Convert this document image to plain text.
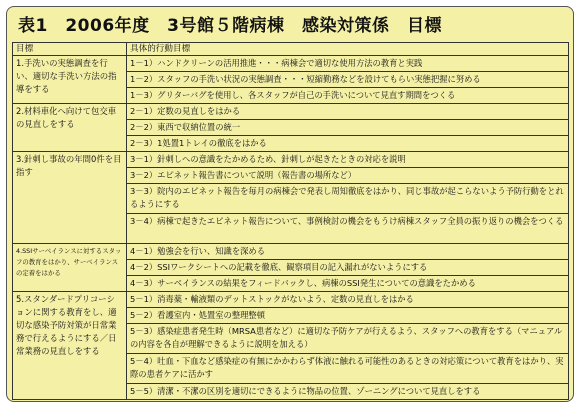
表1　2006年度　3号館５階病棟　感染対策係　目標
目標	具体的行動目標
1.手洗いの実態調査を行い、適切な手洗い方法の指導をする	1－1）ハンドクリーンの活用推進・・・病棟会で適切な使用方法の教育と実践
	1－2）スタッフの手洗い状況の実態調査・・・短縮勤務などを設けてもらい実態把握に努める
	1－3）グリターバグを使用し、各スタッフが自己の手洗いについて見直す期間をつくる
2.材料車化へ向けて包交車の見直しをする	2－1）定数の見直しをはかる
	2－2）東西で収納位置の統一
	2－3）1処置1トレイの徹底をはかる
3.針刺し事故の年間0件を目指す	3－1）針刺しへの意識をたかめるため、針刺しが起きたときの対応を説明
	3－2）エピネット報告書について説明（報告書の場所など）
	3－3）院内のエピネット報告を毎月の病棟会で発表し周知徹底をはかり、同じ事故が起こらないよう予防行動をとれるようにする
	3－4）病棟で起きたエピネット報告について、事例検討の機会をもうけ病棟スタッフ全員の振り返りの機会をつくる
4.SSIサーベイランスに対するスタッフの教育をはかり、サーベイランスの定着をはかる	4－1）勉強会を行い、知識を深める
	4－2）SSIワークシートへの記載を徹底、観察項目の記入漏れがないようにする
	4－3）サーベイランスの結果をフィードバックし、病棟のSSI発生についての意識をたかめる
5.スタンダードプリコーションに関する教育をし、適切な感染予防対策が日常業務で行えるようにする／日常業務の見直しをする	5－1）消毒薬・輸液類のデットストックがないよう、定数の見直しをはかる
	5－2）看護室内・処置室の整理整頓
	5－3）感染症患者発生時（MRSA患者など）に適切な予防ケアが行えるよう、スタッフへの教育をする（マニュアルの内容を各自が理解できるように説明を加える）
	5－4）吐血・下血など感染症の有無にかかわらず体液に触れる可能性のあるときの対応策について教育をはかり、実際の患者ケアに活かす
	5－5）清潔・不潔の区別を適切にできるように物品の位置、ゾーニングについて見直しをする
